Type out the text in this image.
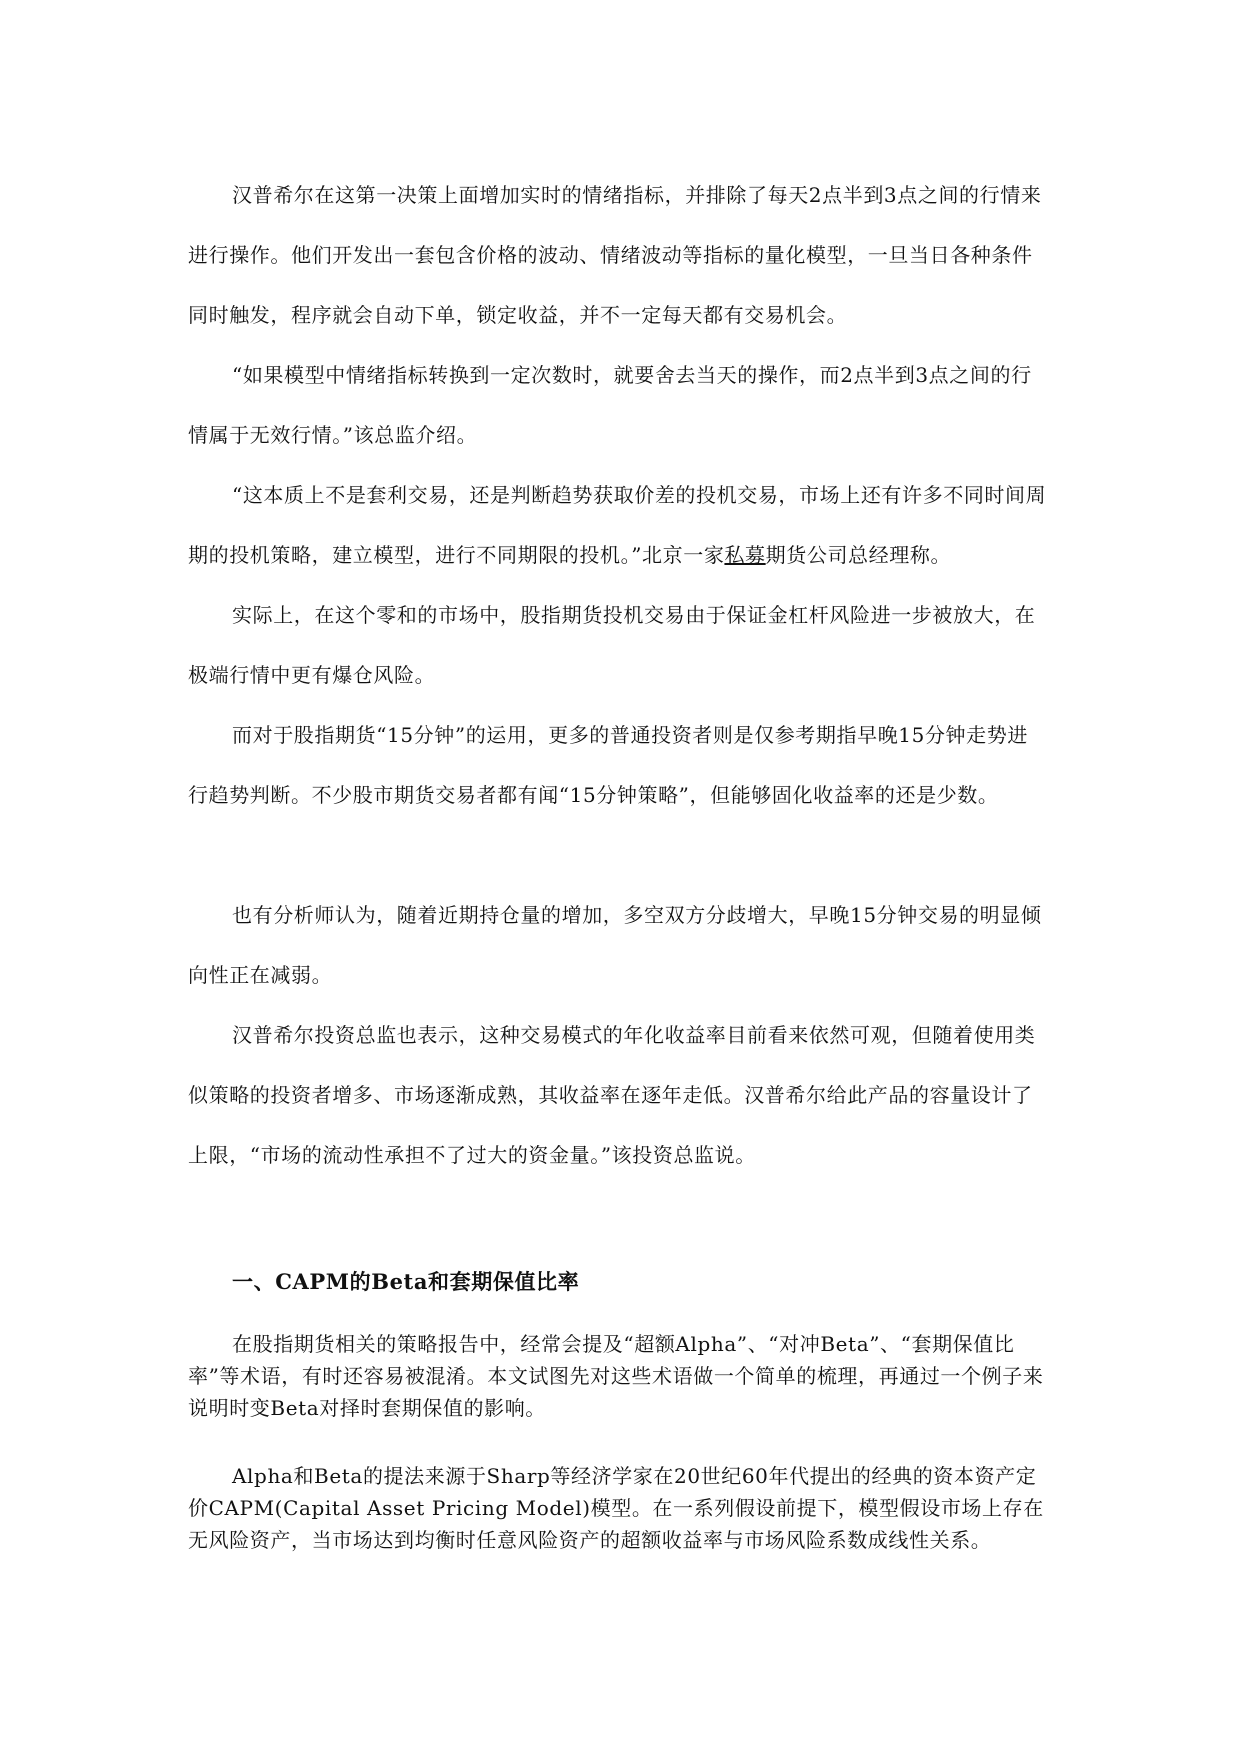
汉普希尔在这第一决策上面增加实时的情绪指标，并排除了每天2点半到3点之间的行情来进行操作。他们开发出一套包含价格的波动、情绪波动等指标的量化模型，一旦当日各种条件同时触发，程序就会自动下单，锁定收益，并不一定每天都有交易机会。

“如果模型中情绪指标转换到一定次数时，就要舍去当天的操作，而2点半到3点之间的行情属于无效行情。”该总监介绍。

“这本质上不是套利交易，还是判断趋势获取价差的投机交易，市场上还有许多不同时间周期的投机策略，建立模型，进行不同期限的投机。”北京一家私募期货公司总经理称。

实际上，在这个零和的市场中，股指期货投机交易由于保证金杠杆风险进一步被放大，在极端行情中更有爆仓风险。

而对于股指期货“15分钟”的运用，更多的普通投资者则是仅参考期指早晚15分钟走势进行趋势判断。不少股市期货交易者都有闻“15分钟策略”，但能够固化收益率的还是少数。

也有分析师认为，随着近期持仓量的增加，多空双方分歧增大，早晚15分钟交易的明显倾向性正在减弱。

汉普希尔投资总监也表示，这种交易模式的年化收益率目前看来依然可观，但随着使用类似策略的投资者增多、市场逐渐成熟，其收益率在逐年走低。汉普希尔给此产品的容量设计了上限，“市场的流动性承担不了过大的资金量。”该投资总监说。

一、CAPM的Beta和套期保值比率

在股指期货相关的策略报告中，经常会提及“超额Alpha”、“对冲Beta”、“套期保值比率”等术语，有时还容易被混淆。本文试图先对这些术语做一个简单的梳理，再通过一个例子来说明时变Beta对择时套期保值的影响。

Alpha和Beta的提法来源于Sharp等经济学家在20世纪60年代提出的经典的资本资产定价CAPM(Capital Asset Pricing Model)模型。在一系列假设前提下，模型假设市场上存在无风险资产，当市场达到均衡时任意风险资产的超额收益率与市场风险系数成线性关系。
